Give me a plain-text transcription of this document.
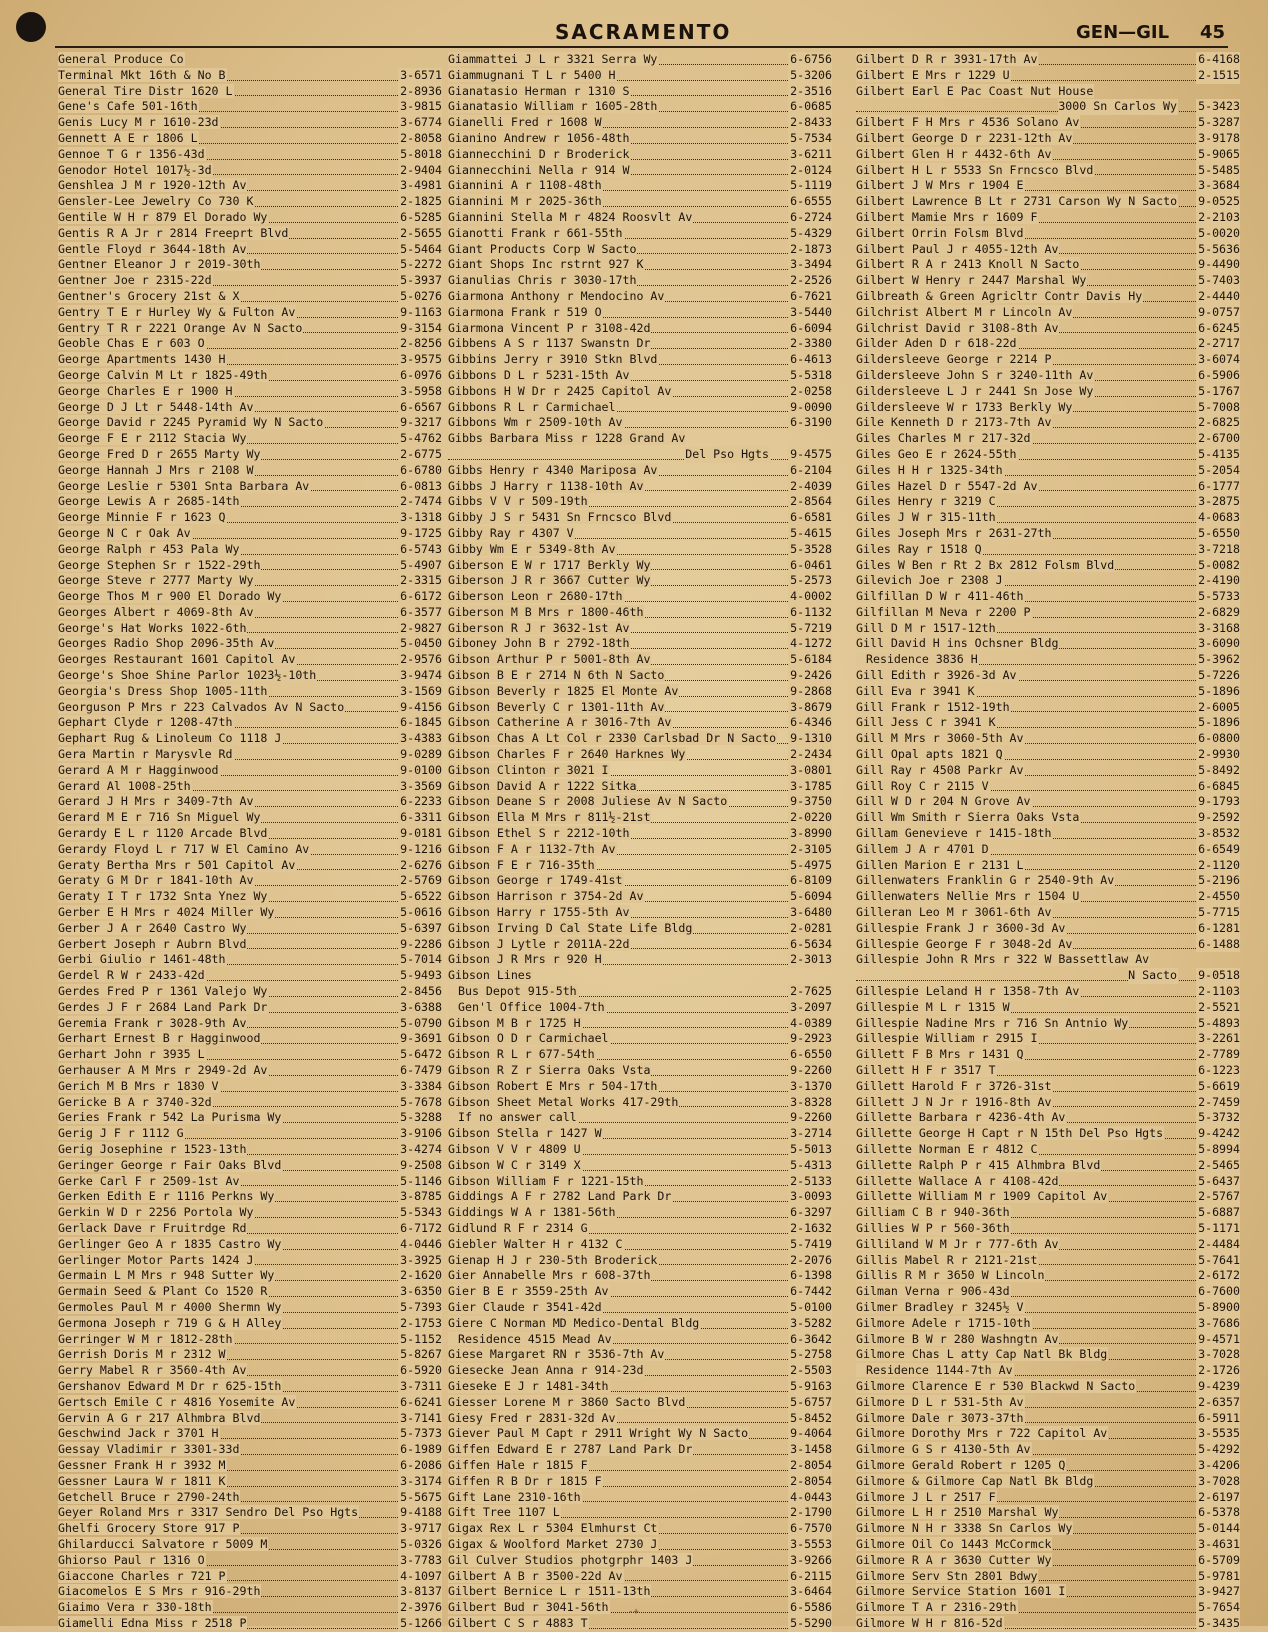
SACRAMENTO	GEN—GIL 45
General Produce Co
Terminal Mkt 16th & No B	3-6571
General Tire Distr 1620 L	2-8936
Gene's Cafe 501-16th	3-9815
Genis Lucy M r 1610-23d	3-6774
Gennett A E r 1806 L	2-8058
Gennoe T G r 1356-43d	5-8018
Genodor Hotel 1017½-3d	2-9404
Genshlea J M r 1920-12th Av	3-4981
Gensler-Lee Jewelry Co 730 K	2-1825
Gentile W H r 879 El Dorado Wy	6-5285
Gentis R A Jr r 2814 Freeprt Blvd	2-5655
Gentle Floyd r 3644-18th Av	5-5464
Gentner Eleanor J r 2019-30th	5-2272
Gentner Joe r 2315-22d	5-3937
Gentner's Grocery 21st & X	5-0276
Gentry T E r Hurley Wy & Fulton Av	9-1163
Gentry T R r 2221 Orange Av N Sacto	9-3154
Geoble Chas E r 603 O	2-8256
George Apartments 1430 H	3-9575
George Calvin M Lt r 1825-49th	6-0976
George Charles E r 1900 H	3-5958
George D J Lt r 5448-14th Av	6-6567
George David r 2245 Pyramid Wy N Sacto	9-3217
George F E r 2112 Stacia Wy	5-4762
George Fred D r 2655 Marty Wy	2-6775
George Hannah J Mrs r 2108 W	6-6780
George Leslie r 5301 Snta Barbara Av	6-0813
George Lewis A r 2685-14th	2-7474
George Minnie F r 1623 Q	3-1318
George N C r Oak Av	9-1725
George Ralph r 453 Pala Wy	6-5743
George Stephen Sr r 1522-29th	5-4907
George Steve r 2777 Marty Wy	2-3315
George Thos M r 900 El Dorado Wy	6-6172
Georges Albert r 4069-8th Av	6-3577
George's Hat Works 1022-6th	2-9827
Georges Radio Shop 2096-35th Av	5-0450
Georges Restaurant 1601 Capitol Av	2-9576
George's Shoe Shine Parlor 1023½-10th	3-9474
Georgia's Dress Shop 1005-11th	3-1569
Georguson P Mrs r 223 Calvados Av N Sacto	9-4156
Gephart Clyde r 1208-47th	6-1845
Gephart Rug & Linoleum Co 1118 J	3-4383
Gera Martin r Marysvle Rd	9-0289
Gerard A M r Hagginwood	9-0100
Gerard Al 1008-25th	3-3569
Gerard J H Mrs r 3409-7th Av	6-2233
Gerard M E r 716 Sn Miguel Wy	6-3311
Gerardy E L r 1120 Arcade Blvd	9-0181
Gerardy Floyd L r 717 W El Camino Av	9-1216
Geraty Bertha Mrs r 501 Capitol Av	2-6276
Geraty G M Dr r 1841-10th Av	2-5769
Geraty I T r 1732 Snta Ynez Wy	5-6522
Gerber E H Mrs r 4024 Miller Wy	5-0616
Gerber J A r 2640 Castro Wy	5-6397
Gerbert Joseph r Aubrn Blvd	9-2286
Gerbi Giulio r 1461-48th	5-7014
Gerdel R W r 2433-42d	5-9493
Gerdes Fred P r 1361 Valejo Wy	2-8456
Gerdes J F r 2684 Land Park Dr	3-6388
Geremia Frank r 3028-9th Av	5-0790
Gerhart Ernest B r Hagginwood	9-3691
Gerhart John r 3935 L	5-6472
Gerhauser A M Mrs r 2949-2d Av	6-7479
Gerich M B Mrs r 1830 V	3-3384
Gericke B A r 3740-32d	5-7678
Geries Frank r 542 La Purisma Wy	5-3288
Gerig J F r 1112 G	3-9106
Gerig Josephine r 1523-13th	3-4274
Geringer George r Fair Oaks Blvd	9-2508
Gerke Carl F r 2509-1st Av	5-1146
Gerken Edith E r 1116 Perkns Wy	3-8785
Gerkin W D r 2256 Portola Wy	5-5343
Gerlack Dave r Fruitrdge Rd	6-7172
Gerlinger Geo A r 1835 Castro Wy	4-0446
Gerlinger Motor Parts 1424 J	3-3925
Germain L M Mrs r 948 Sutter Wy	2-1620
Germain Seed & Plant Co 1520 R	3-6350
Germoles Paul M r 4000 Shermn Wy	5-7393
Germona Joseph r 719 G & H Alley	2-1753
Gerringer W M r 1812-28th	5-1152
Gerrish Doris M r 2312 W	5-8267
Gerry Mabel R r 3560-4th Av	6-5920
Gershanov Edward M Dr r 625-15th	3-7311
Gertsch Emile C r 4816 Yosemite Av	6-6241
Gervin A G r 217 Alhmbra Blvd	3-7141
Geschwind Jack r 3701 H	5-7373
Gessay Vladimir r 3301-33d	6-1989
Gessner Frank H r 3932 M	6-2086
Gessner Laura W r 1811 K	3-3174
Getchell Bruce r 2790-24th	5-5675
Geyer Roland Mrs r 3317 Sendro Del Pso Hgts	9-4188
Ghelfi Grocery Store 917 P	3-9717
Ghilarducci Salvatore r 5009 M	5-0326
Ghiorso Paul r 1316 O	3-7783
Giaccone Charles r 721 P	4-1097
Giacomelos E S Mrs r 916-29th	3-8137
Giaimo Vera r 330-18th	2-3976
Giamelli Edna Miss r 2518 P	5-1266
Giammattei J L r 3321 Serra Wy	6-6756
Giammugnani T L r 5400 H	5-3206
Gianatasio Herman r 1310 S	2-3516
Gianatasio William r 1605-28th	6-0685
Gianelli Fred r 1608 W	2-8433
Gianino Andrew r 1056-48th	5-7534
Giannecchini D r Broderick	3-6211
Giannecchini Nella r 914 W	2-0124
Giannini A r 1108-48th	5-1119
Giannini M r 2025-36th	6-6555
Giannini Stella M r 4824 Roosvlt Av	6-2724
Gianotti Frank r 661-55th	5-4329
Giant Products Corp W Sacto	2-1873
Giant Shops Inc rstrnt 927 K	3-3494
Gianulias Chris r 3030-17th	2-2526
Giarmona Anthony r Mendocino Av	6-7621
Giarmona Frank r 519 O	3-5440
Giarmona Vincent P r 3108-42d	6-6094
Gibbens A S r 1137 Swanstn Dr	2-3380
Gibbins Jerry r 3910 Stkn Blvd	6-4613
Gibbons D L r 5231-15th Av	5-5318
Gibbons H W Dr r 2425 Capitol Av	2-0258
Gibbons R L r Carmichael	9-0090
Gibbons Wm r 2509-10th Av	6-3190
Gibbs Barbara Miss r 1228 Grand Av
Del Pso Hgts 9-4575
Gibbs Henry r 4340 Mariposa Av	6-2104
Gibbs J Harry r 1138-10th Av	2-4039
Gibbs V V r 509-19th	2-8564
Gibby J S r 5431 Sn Frncsco Blvd	6-6581
Gibby Ray r 4307 V	5-4615
Gibby Wm E r 5349-8th Av	5-3528
Giberson E W r 1717 Berkly Wy	6-0461
Giberson J R r 3667 Cutter Wy	5-2573
Giberson Leon r 2680-17th	4-0002
Giberson M B Mrs r 1800-46th	6-1132
Giberson R J r 3632-1st Av	5-7219
Giboney John B r 2792-18th	4-1272
Gibson Arthur P r 5001-8th Av	5-6184
Gibson B E r 2714 N 6th N Sacto	9-2426
Gibson Beverly r 1825 El Monte Av	9-2868
Gibson Beverly C r 1301-11th Av	3-8679
Gibson Catherine A r 3016-7th Av	6-4346
Gibson Chas A Lt Col r 2330 Carlsbad Dr N Sacto 9-1310
Gibson Charles F r 2640 Harknes Wy	2-2434
Gibson Clinton r 3021 I	3-0801
Gibson David A r 1222 Sitka	3-1785
Gibson Deane S r 2008 Juliese Av N Sacto	9-3750
Gibson Ella M Mrs r 811½-21st	2-0220
Gibson Ethel S r 2212-10th	3-8990
Gibson F A r 1132-7th Av	2-3105
Gibson F E r 716-35th	5-4975
Gibson George r 1749-41st	6-8109
Gibson Harrison r 3754-2d Av	5-6094
Gibson Harry r 1755-5th Av	3-6480
Gibson Irving D Cal State Life Bldg	2-0281
Gibson J Lytle r 2011A-22d	6-5634
Gibson J R Mrs r 920 H	2-3013
Gibson Lines
Bus Depot 915-5th	2-7625
Gen'l Office 1004-7th	3-2097
Gibson M B r 1725 H	4-0389
Gibson O D r Carmichael	9-2923
Gibson R L r 677-54th	6-6550
Gibson R Z r Sierra Oaks Vsta	9-2260
Gibson Robert E Mrs r 504-17th	3-1370
Gibson Sheet Metal Works 417-29th	3-8328
If no answer call	9-2260
Gibson Stella r 1427 W	3-2714
Gibson V V r 4809 U	5-5013
Gibson W C r 3149 X	5-4313
Gibson William F r 1221-15th	2-5133
Giddings A F r 2782 Land Park Dr	3-0093
Giddings W A r 1381-56th	6-3297
Gidlund R F r 2314 G	2-1632
Giebler Walter H r 4132 C	5-7419
Gienap H J r 230-5th Broderick	2-2076
Gier Annabelle Mrs r 608-37th	6-1398
Gier B E r 3559-25th Av	6-7442
Gier Claude r 3541-42d	5-0100
Giere C Norman MD Medico-Dental Bldg	3-5282
Residence 4515 Mead Av	6-3642
Giese Margaret RN r 3536-7th Av	5-2758
Giesecke Jean Anna r 914-23d	2-5503
Gieseke E J r 1481-34th	5-9163
Giesser Lorene M r 3860 Sacto Blvd	5-6757
Giesy Fred r 2831-32d Av	5-8452
Giever Paul M Capt r 2911 Wright Wy N Sacto	9-4064
Giffen Edward E r 2787 Land Park Dr	3-1458
Giffen Hale r 1815 F	2-8054
Giffen R B Dr r 1815 F	2-8054
Gift Lane 2310-16th	4-0443
Gift Tree 1107 L	2-1790
Gigax Rex L r 5304 Elmhurst Ct	6-7570
Gigax & Woolford Market 2730 J	3-5553
Gil Culver Studios photgrphr 1403 J	3-9266
Gilbert A B r 3500-22d Av	6-2115
Gilbert Bernice L r 1511-13th	3-6464
Gilbert Bud r 3041-56th	6-5586
Gilbert C S r 4883 T	5-5290
Gilbert D R r 3931-17th Av	6-4168
Gilbert E Mrs r 1229 U	2-1515
Gilbert Earl E Pac Coast Nut House
3000 Sn Carlos Wy 5-3423
Gilbert F H Mrs r 4536 Solano Av	5-3287
Gilbert George D r 2231-12th Av	3-9178
Gilbert Glen H r 4432-6th Av	5-9065
Gilbert H L r 5533 Sn Frncsco Blvd	5-5485
Gilbert J W Mrs r 1904 E	3-3684
Gilbert Lawrence B Lt r 2731 Carson Wy N Sacto 9-0525
Gilbert Mamie Mrs r 1609 F	2-2103
Gilbert Orrin Folsm Blvd	5-0020
Gilbert Paul J r 4055-12th Av	5-5636
Gilbert R A r 2413 Knoll N Sacto	9-4490
Gilbert W Henry r 2447 Marshal Wy	5-7403
Gilbreath & Green Agricltr Contr Davis Hy	2-4440
Gilchrist Albert M r Lincoln Av	9-0757
Gilchrist David r 3108-8th Av	6-6245
Gilder Aden D r 618-22d	2-2717
Gildersleeve George r 2214 P	3-6074
Gildersleeve John S r 3240-11th Av	6-5906
Gildersleeve L J r 2441 Sn Jose Wy	5-1767
Gildersleeve W r 1733 Berkly Wy	5-7008
Gile Kenneth D r 2173-7th Av	2-6825
Giles Charles M r 217-32d	2-6700
Giles Geo E r 2624-55th	5-4135
Giles H H r 1325-34th	5-2054
Giles Hazel D r 5547-2d Av	6-1777
Giles Henry r 3219 C	3-2875
Giles J W r 315-11th	4-0683
Giles Joseph Mrs r 2631-27th	5-6550
Giles Ray r 1518 Q	3-7218
Giles W Ben r Rt 2 Bx 2812 Folsm Blvd	5-0082
Gilevich Joe r 2308 J	2-4190
Gilfillan D W r 411-46th	5-5733
Gilfillan M Neva r 2200 P	2-6829
Gill D M r 1517-12th	3-3168
Gill David H ins Ochsner Bldg	3-6090
Residence 3836 H	5-3962
Gill Edith r 3926-3d Av	5-7226
Gill Eva r 3941 K	5-1896
Gill Frank r 1512-19th	2-6005
Gill Jess C r 3941 K	5-1896
Gill M Mrs r 3060-5th Av	6-0800
Gill Opal apts 1821 Q	2-9930
Gill Ray r 4508 Parkr Av	5-8492
Gill Roy C r 2115 V	6-6845
Gill W D r 204 N Grove Av	9-1793
Gill Wm Smith r Sierra Oaks Vsta	9-2592
Gillam Genevieve r 1415-18th	3-8532
Gillem J A r 4701 D	6-6549
Gillen Marion E r 2131 L	2-1120
Gillenwaters Franklin G r 2540-9th Av	5-2196
Gillenwaters Nellie Mrs r 1504 U	2-4550
Gilleran Leo M r 3061-6th Av	5-7715
Gillespie Frank J r 3600-3d Av	6-1281
Gillespie George F r 3048-2d Av	6-1488
Gillespie John R Mrs r 322 W Bassettlaw Av
N Sacto 9-0518
Gillespie Leland H r 1358-7th Av	2-1103
Gillespie M L r 1315 W	2-5521
Gillespie Nadine Mrs r 716 Sn Antnio Wy	5-4893
Gillespie William r 2915 I	3-2261
Gillett F B Mrs r 1431 Q	2-7789
Gillett H F r 3517 T	6-1223
Gillett Harold F r 3726-31st	5-6619
Gillett J N Jr r 1916-8th Av	2-7459
Gillette Barbara r 4236-4th Av	5-3732
Gillette George H Capt r N 15th Del Pso Hgts	9-4242
Gillette Norman E r 4812 C	5-8994
Gillette Ralph P r 415 Alhmbra Blvd	2-5465
Gillette Wallace A r 4108-42d	5-6437
Gillette William M r 1909 Capitol Av	2-5767
Gilliam C B r 940-36th	5-6887
Gillies W P r 560-36th	5-1171
Gilliland W M Jr r 777-6th Av	2-4484
Gillis Mabel R r 2121-21st	5-7641
Gillis R M r 3650 W Lincoln	2-6172
Gilman Verna r 906-43d	6-7600
Gilmer Bradley r 3245½ V	5-8900
Gilmore Adele r 1715-10th	3-7686
Gilmore B W r 280 Washngtn Av	9-4571
Gilmore Chas L atty Cap Natl Bk Bldg	3-7028
Residence 1144-7th Av	2-1726
Gilmore Clarence E r 530 Blackwd N Sacto	9-4239
Gilmore D L r 531-5th Av	2-6357
Gilmore Dale r 3073-37th	6-5911
Gilmore Dorothy Mrs r 722 Capitol Av	3-5535
Gilmore G S r 4130-5th Av	5-4292
Gilmore Gerald Robert r 1205 Q	3-4206
Gilmore & Gilmore Cap Natl Bk Bldg	3-7028
Gilmore J L r 2517 F	2-6197
Gilmore L H r 2510 Marshal Wy	6-5378
Gilmore N H r 3338 Sn Carlos Wy	5-0144
Gilmore Oil Co 1443 McCormck	3-4631
Gilmore R A r 3630 Cutter Wy	6-5709
Gilmore Serv Stn 2801 Bdwy	5-9781
Gilmore Service Station 1601 I	3-9427
Gilmore T A r 2316-29th	5-7654
Gilmore W H r 816-52d	5-3435
-+
